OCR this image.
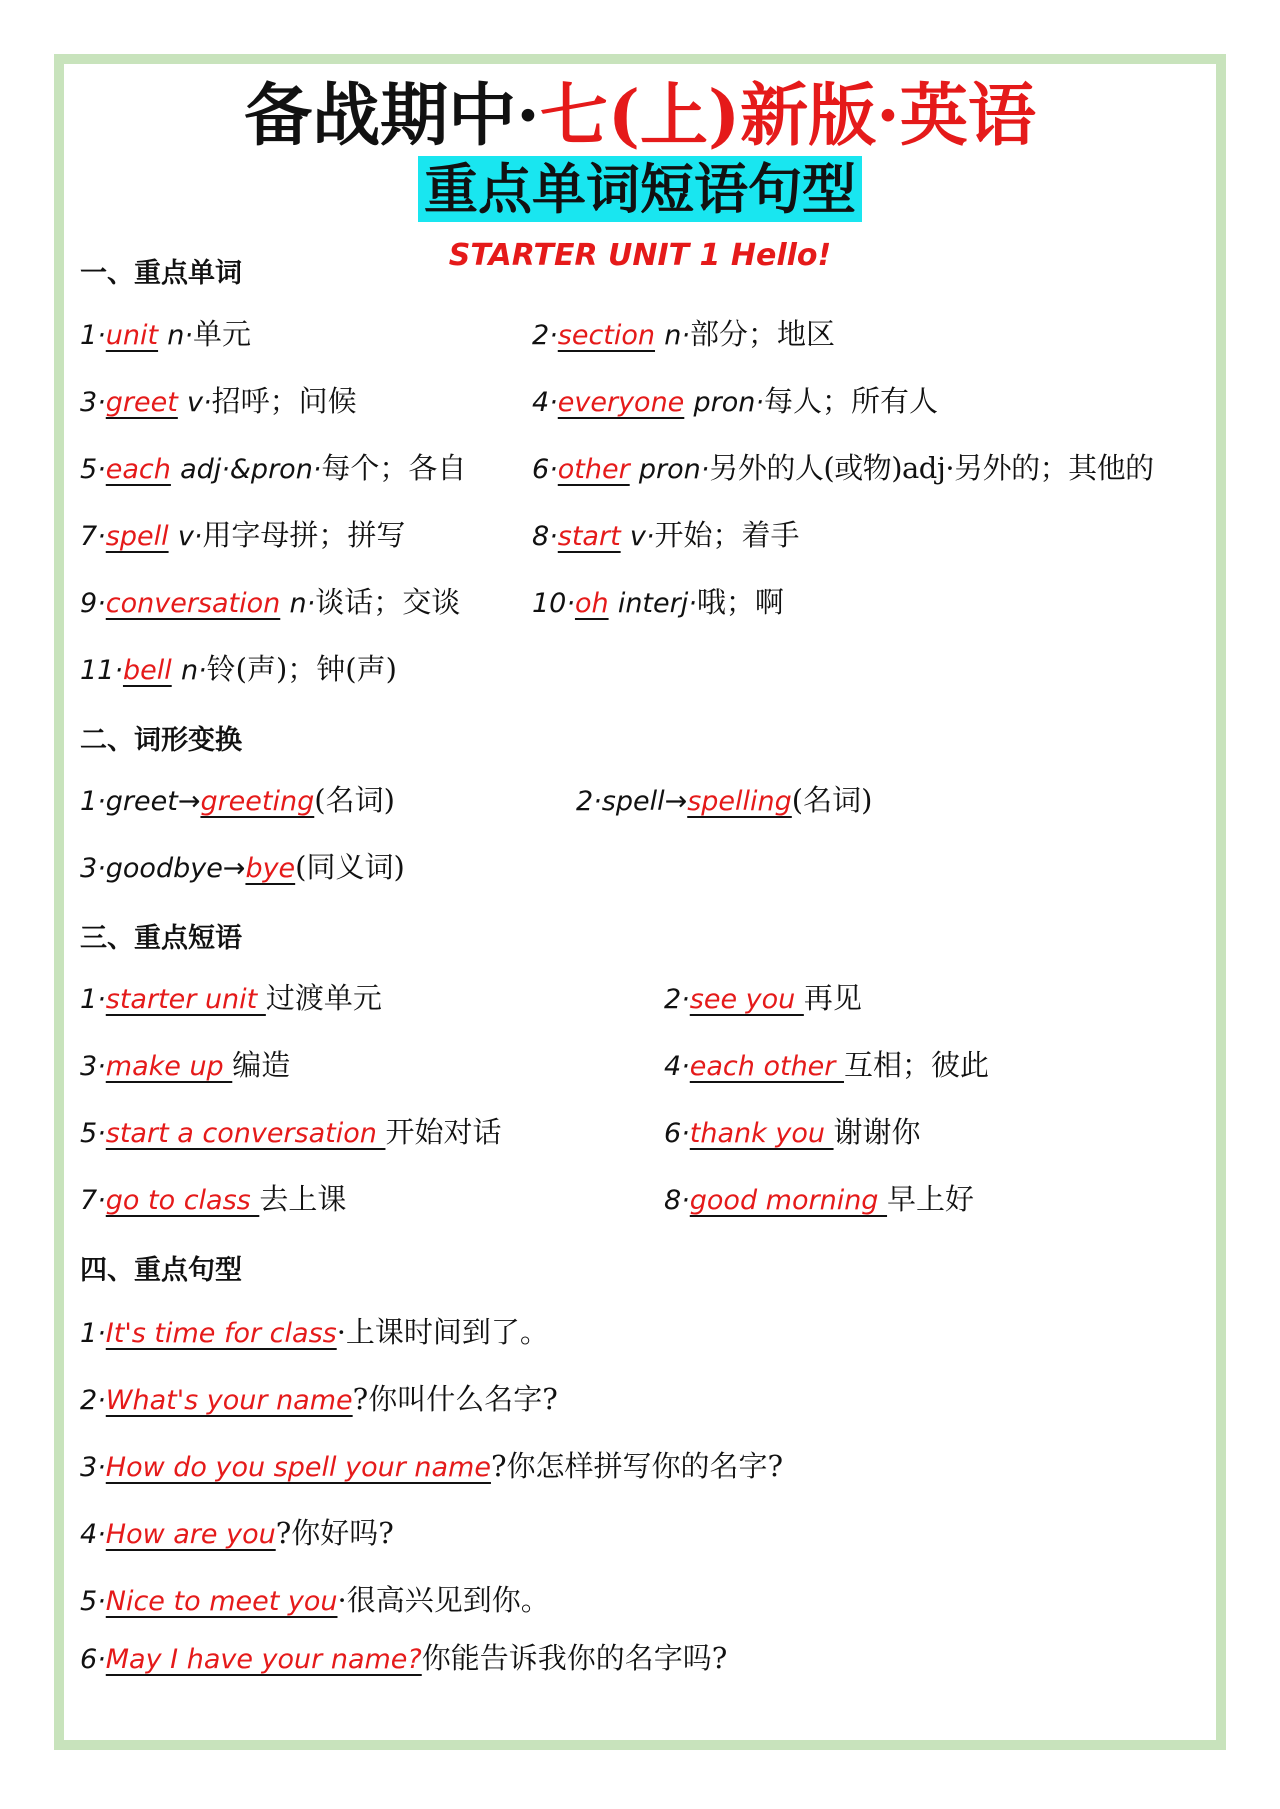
备战期中·七(上)新版·英语
重点单词短语句型
STARTER UNIT 1 Hello!
一、重点单词
1·unit n·单元	2·section n·部分；地区
3·greet v·招呼；问候	4·everyone pron·每人；所有人
5·each adj·&pron·每个；各自 6·other pron·另外的人(或物)adj·另外的；其他的
7·spell v·用字母拼；拼写	8·start v·开始；着手
9·conversation n·谈话；交谈	10·oh interj·哦；啊
11·bell n·铃(声)；钟(声)
二、词形变换
1·greet→greeting(名词)	2·spell→spelling(名词)
3·goodbye→bye(同义词)
三、重点短语
1·starter unit 过渡单元	2·see you 再见
3·make up 编造	4·each other 互相；彼此
5·start a conversation 开始对话	6·thank you 谢谢你
7·go to class 去上课	8·good morning 早上好
四、重点句型
1·It's time for class·上课时间到了。
2·What's your name?你叫什么名字?
3·How do you spell your name?你怎样拼写你的名字?
4·How are you?你好吗?
5·Nice to meet you·很高兴见到你。
6·May I have your name?你能告诉我你的名字吗?
